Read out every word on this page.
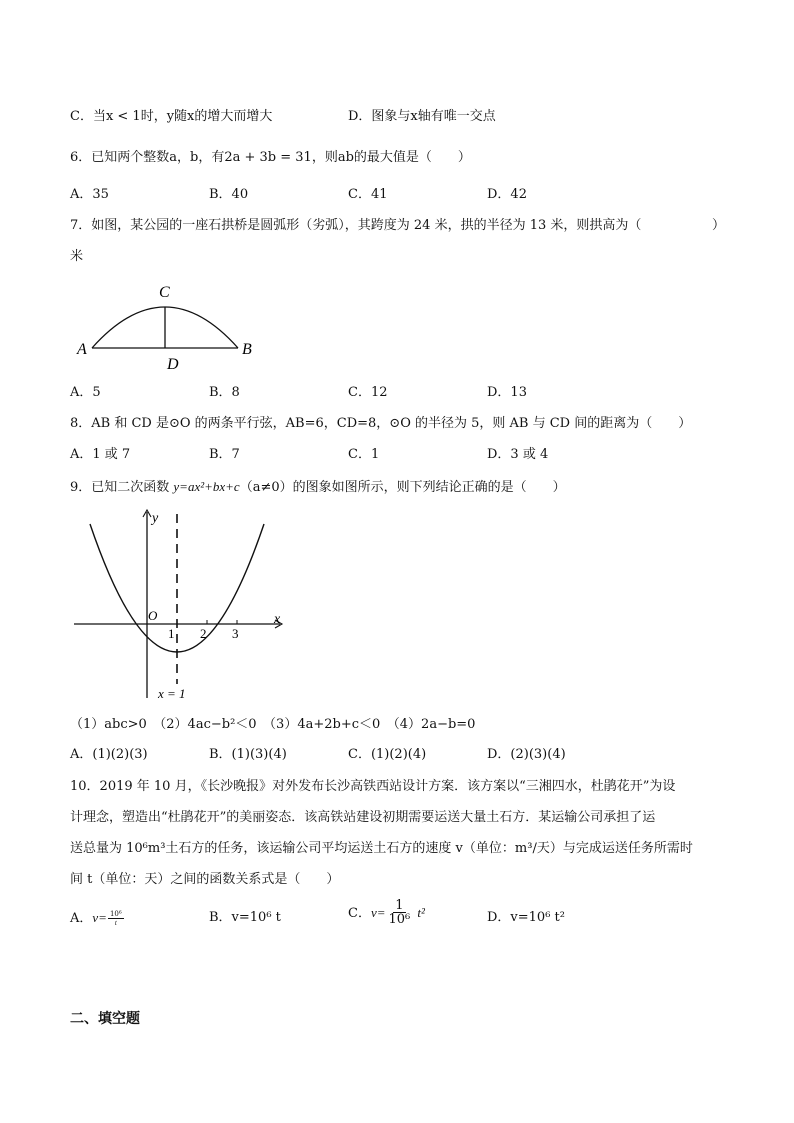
C．当x < 1时，y随x的增大而增大	D．图象与x轴有唯一交点
6．已知两个整数a，b，有2a + 3b = 31，则ab的最大值是（　　）
A．35	B．40	C．41	D．42
7．如图，某公园的一座石拱桥是圆弧形（劣弧），其跨度为 24 米，拱的半径为 13 米，则拱高为（	）
米
C
A	B
D
A．5	B．8	C．12	D．13
8．AB 和 CD 是⊙O 的两条平行弦，AB=6，CD=8，⊙O 的半径为 5，则 AB 与 CD 间的距离为（　　）
A．1 或 7	B．7	C．1	D．3 或 4
9．已知二次函数 y=ax²+bx+c（a≠0）的图象如图所示，则下列结论正确的是（　　）
y
x
O
1 2 3
x = 1
（1）abc>0　（2）4ac−b²＜0　（3）4a+2b+c＜0　（4）2a−b=0
A．(1)(2)(3)	B．(1)(3)(4)	C．(1)(2)(4)	D．(2)(3)(4)
10．2019 年 10 月，《长沙晚报》对外发布长沙高铁西站设计方案．该方案以“三湘四水，杜鹃花开”为设
计理念，塑造出“杜鹃花开”的美丽姿态．该高铁站建设初期需要运送大量土石方．某运输公司承担了运
送总量为 10⁶m³土石方的任务，该运输公司平均运送土石方的速度 v（单位：m³/天）与完成运送任务所需时
间 t（单位：天）之间的函数关系式是（　　）
A．$v= \frac{\text{10⁶}}{t}$	B．v=10⁶ t	C．$v= \frac{1}{\text{10⁶}} t^2$	D．v=10⁶ t²
二、填空题
